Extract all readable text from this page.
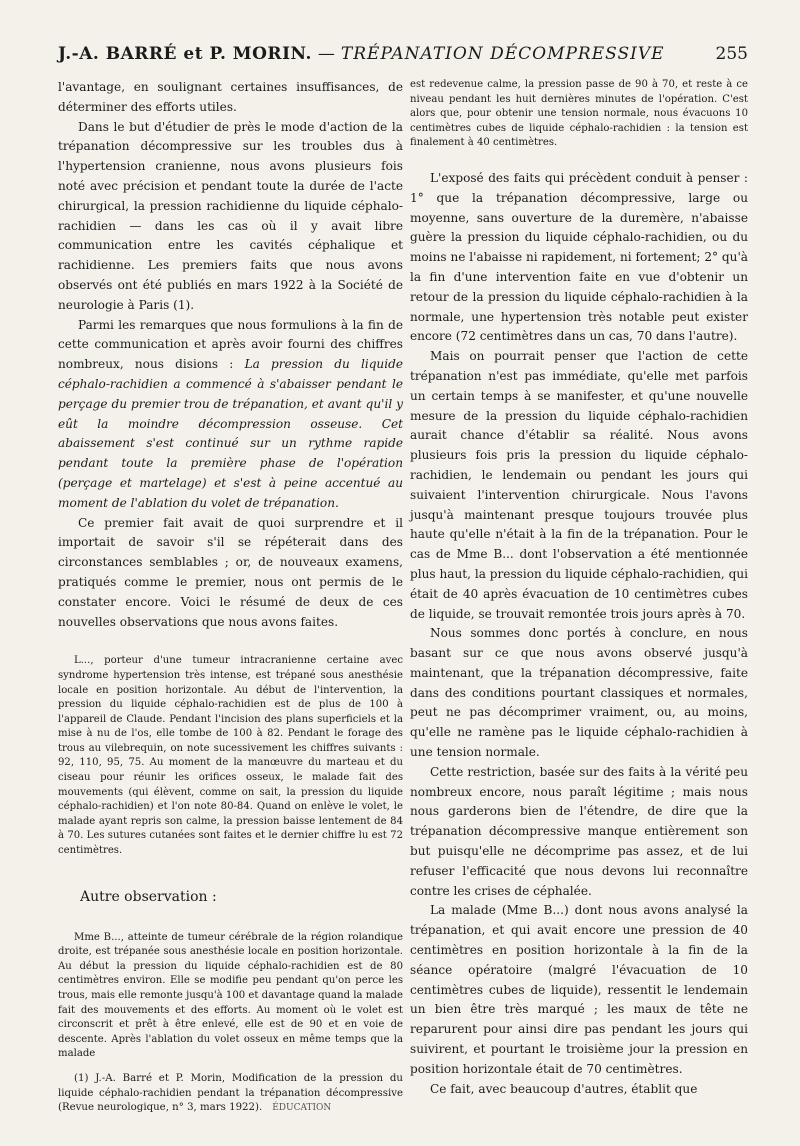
J.-A. BARRÉ et P. MORIN. — TRÉPANATION DÉCOMPRESSIVE	255

l'avantage, en soulignant certaines insuffisances, de déterminer des efforts utiles.

Dans le but d'étudier de près le mode d'action de la trépanation décompressive sur les troubles dus à l'hypertension cranienne, nous avons plusieurs fois noté avec précision et pendant toute la durée de l'acte chirurgical, la pression rachidienne du liquide céphalo-rachidien — dans les cas où il y avait libre communication entre les cavités céphalique et rachidienne. Les premiers faits que nous avons observés ont été publiés en mars 1922 à la Société de neurologie à Paris (1).

Parmi les remarques que nous formulions à la fin de cette communication et après avoir fourni des chiffres nombreux, nous disions : La pression du liquide céphalo-rachidien a commencé à s'abaisser pendant le perçage du premier trou de trépanation, et avant qu'il y eût la moindre décompression osseuse. Cet abaissement s'est continué sur un rythme rapide pendant toute la première phase de l'opération (perçage et martelage) et s'est à peine accentué au moment de l'ablation du volet de trépanation.

Ce premier fait avait de quoi surprendre et il importait de savoir s'il se répéterait dans des circonstances semblables ; or, de nouveaux examens, pratiqués comme le premier, nous ont permis de le constater encore. Voici le résumé de deux de ces nouvelles observations que nous avons faites.

L..., porteur d'une tumeur intracranienne certaine avec syndrome hypertension très intense, est trépané sous anesthésie locale en position horizontale. Au début de l'intervention, la pression du liquide céphalo-rachidien est de plus de 100 à l'appareil de Claude. Pendant l'incision des plans superficiels et la mise à nu de l'os, elle tombe de 100 à 82. Pendant le forage des trous au vilebrequin, on note sucessivement les chiffres suivants : 92, 110, 95, 75. Au moment de la manœuvre du marteau et du ciseau pour réunir les orifices osseux, le malade fait des mouvements (qui élèvent, comme on sait, la pression du liquide céphalo-rachidien) et l'on note 80-84. Quand on enlève le volet, le malade ayant repris son calme, la pression baisse lentement de 84 à 70. Les sutures cutanées sont faites et le dernier chiffre lu est 72 centimètres.

Autre observation :

Mme B..., atteinte de tumeur cérébrale de la région rolandique droite, est trépanée sous anesthésie locale en position horizontale. Au début la pression du liquide céphalo-rachidien est de 80 centimètres environ. Elle se modifie peu pendant qu'on perce les trous, mais elle remonte jusqu'à 100 et davantage quand la malade fait des mouvements et des efforts. Au moment où le volet est circonscrit et prêt à être enlevé, elle est de 90 et en voie de descente. Après l'ablation du volet osseux en même temps que la malade

(1) J.-A. Barré et P. Morin, Modification de la pression du liquide céphalo-rachidien pendant la trépanation décompressive (Revue neurologique, n° 3, mars 1922). ÉDUCATION

est redevenue calme, la pression passe de 90 à 70, et reste à ce niveau pendant les huit dernières minutes de l'opération. C'est alors que, pour obtenir une tension normale, nous évacuons 10 centimètres cubes de liquide céphalo-rachidien : la tension est finalement à 40 centimètres.

L'exposé des faits qui précèdent conduit à penser : 1° que la trépanation décompressive, large ou moyenne, sans ouverture de la duremère, n'abaisse guère la pression du liquide céphalo-rachidien, ou du moins ne l'abaisse ni rapidement, ni fortement; 2° qu'à la fin d'une intervention faite en vue d'obtenir un retour de la pression du liquide céphalo-rachidien à la normale, une hypertension très notable peut exister encore (72 centimètres dans un cas, 70 dans l'autre).

Mais on pourrait penser que l'action de cette trépanation n'est pas immédiate, qu'elle met parfois un certain temps à se manifester, et qu'une nouvelle mesure de la pression du liquide céphalo-rachidien aurait chance d'établir sa réalité. Nous avons plusieurs fois pris la pression du liquide céphalo-rachidien, le lendemain ou pendant les jours qui suivaient l'intervention chirurgicale. Nous l'avons jusqu'à maintenant presque toujours trouvée plus haute qu'elle n'était à la fin de la trépanation. Pour le cas de Mme B... dont l'observation a été mentionnée plus haut, la pression du liquide céphalo-rachidien, qui était de 40 après évacuation de 10 centimètres cubes de liquide, se trouvait remontée trois jours après à 70.

Nous sommes donc portés à conclure, en nous basant sur ce que nous avons observé jusqu'à maintenant, que la trépanation décompressive, faite dans des conditions pourtant classiques et normales, peut ne pas décomprimer vraiment, ou, au moins, qu'elle ne ramène pas le liquide céphalo-rachidien à une tension normale.

Cette restriction, basée sur des faits à la vérité peu nombreux encore, nous paraît légitime ; mais nous nous garderons bien de l'étendre, de dire que la trépanation décompressive manque entièrement son but puisqu'elle ne décomprime pas assez, et de lui refuser l'efficacité que nous devons lui reconnaître contre les crises de céphalée.

La malade (Mme B...) dont nous avons analysé la trépanation, et qui avait encore une pression de 40 centimètres en position horizontale à la fin de la séance opératoire (malgré l'évacuation de 10 centimètres cubes de liquide), ressentit le lendemain un bien être très marqué ; les maux de tête ne reparurent pour ainsi dire pas pendant les jours qui suivirent, et pourtant le troisième jour la pression en position horizontale était de 70 centimètres.

Ce fait, avec beaucoup d'autres, établit que
